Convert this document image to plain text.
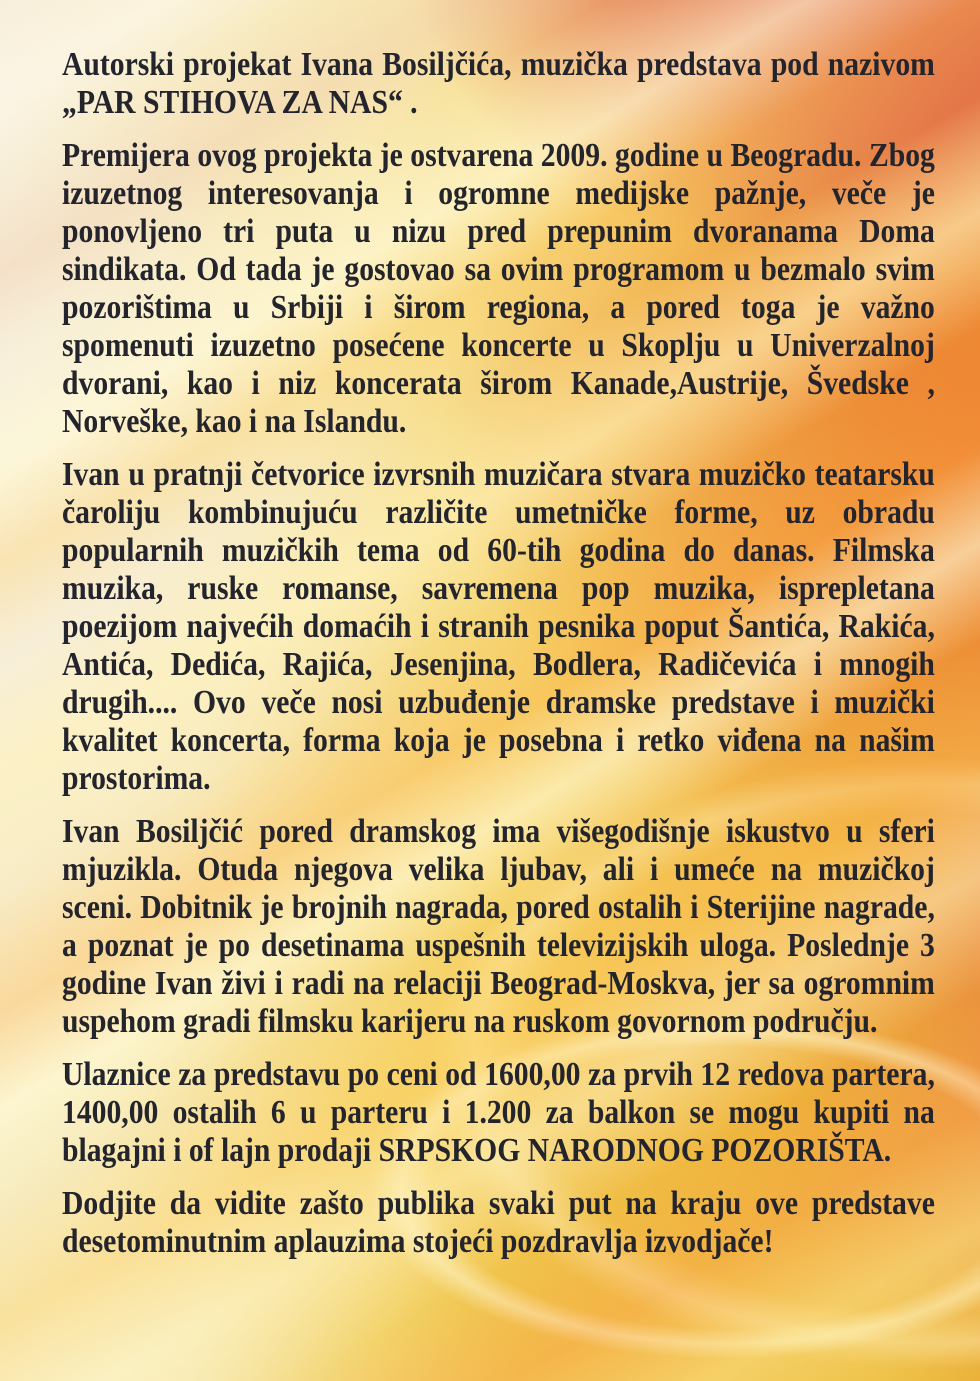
Autorski projekat Ivana Bosiljčića, muzička predstava pod nazivom „PAR STIHOVA ZA NAS“ .

Premijera ovog projekta je ostvarena 2009. godine u Beogradu. Zbog izuzetnog interesovanja i ogromne medijske pažnje, veče je ponovljeno tri puta u nizu pred prepunim dvoranama Doma sindikata. Od tada je gostovao sa ovim programom u bezmalo svim pozorištima u Srbiji i širom regiona, a pored toga je važno spomenuti izuzetno posećene koncerte u Skoplju u Univerzalnoj dvorani, kao i niz koncerata širom Kanade,Austrije, Švedske , Norveške, kao i na Islandu.

Ivan u pratnji četvorice izvrsnih muzičara stvara muzičko teatarsku čaroliju kombinujuću različite umetničke forme, uz obradu popularnih muzičkih tema od 60-tih godina do danas. Filmska muzika, ruske romanse, savremena pop muzika, isprepletana poezijom najvećih domaćih i stranih pesnika poput Šantića, Rakića, Antića, Dedića, Rajića, Jesenjina, Bodlera, Radičevića i mnogih drugih.... Ovo veče nosi uzbuđenje dramske predstave i muzički kvalitet koncerta, forma koja je posebna i retko viđena na našim prostorima.

Ivan Bosiljčić pored dramskog ima višegodišnje iskustvo u sferi mjuzikla. Otuda njegova velika ljubav, ali i umeće na muzičkoj sceni. Dobitnik je brojnih nagrada, pored ostalih i Sterijine nagrade, a poznat je po desetinama uspešnih televizijskih uloga. Poslednje 3 godine Ivan živi i radi na relaciji Beograd-Moskva, jer sa ogromnim uspehom gradi filmsku karijeru na ruskom govornom području.

Ulaznice za predstavu po ceni od 1600,00 za prvih 12 redova partera, 1400,00 ostalih 6 u parteru i 1.200 za balkon se mogu kupiti na blagajni i of lajn prodaji SRPSKOG NARODNOG POZORIŠTA.

Dodjite da vidite zašto publika svaki put na kraju ove predstave desetominutnim aplauzima stojeći pozdravlja izvodjače!
